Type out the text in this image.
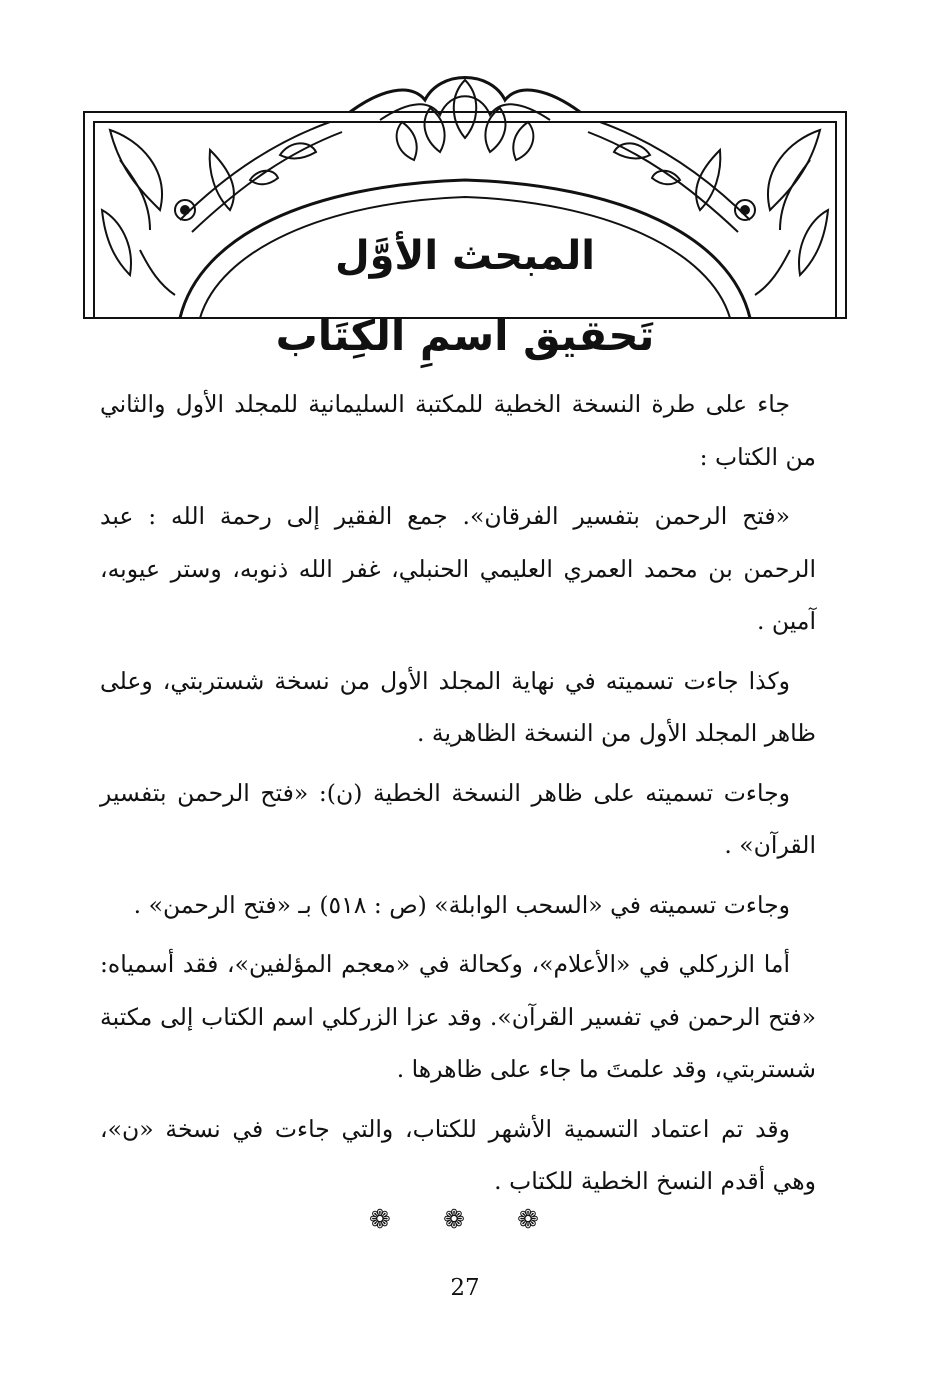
المبحث الأوَّل
تَحقيق اسمِ الكِتَاب

جاء على طرة النسخة الخطية للمكتبة السليمانية للمجلد الأول والثاني من الكتاب :

«فتح الرحمن بتفسير الفرقان». جمع الفقير إلى رحمة الله : عبد الرحمن بن محمد العمري العليمي الحنبلي، غفر الله ذنوبه، وستر عيوبه، آمين .

وكذا جاءت تسميته في نهاية المجلد الأول من نسخة شستربتي، وعلى ظاهر المجلد الأول من النسخة الظاهرية .

وجاءت تسميته على ظاهر النسخة الخطية (ن): «فتح الرحمن بتفسير القرآن» .

وجاءت تسميته في «السحب الوابلة» (ص : ٥١٨) بـ «فتح الرحمن» .

أما الزركلي في «الأعلام»، وكحالة في «معجم المؤلفين»، فقد أسمياه: «فتح الرحمن في تفسير القرآن». وقد عزا الزركلي اسم الكتاب إلى مكتبة شستربتي، وقد علمتَ ما جاء على ظاهرها .

وقد تم اعتماد التسمية الأشهر للكتاب، والتي جاءت في نسخة «ن»، وهي أقدم النسخ الخطية للكتاب .

❁ ❁ ❁
27
